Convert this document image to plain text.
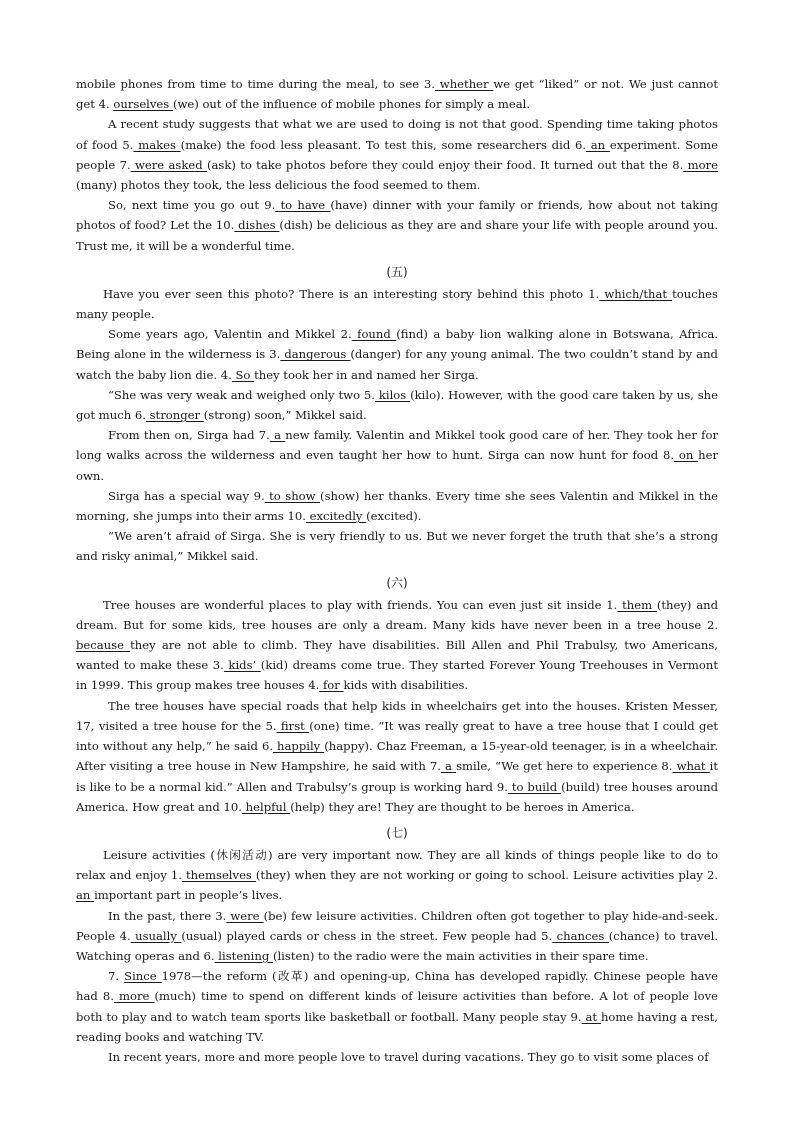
mobile phones from time to time during the meal, to see 3. whether we get “liked” or not. We just cannot get 4. ourselves (we) out of the influence of mobile phones for simply a meal.

A recent study suggests that what we are used to doing is not that good. Spending time taking photos of food 5. makes (make) the food less pleasant. To test this, some researchers did 6. an experiment. Some people 7. were asked (ask) to take photos before they could enjoy their food. It turned out that the 8. more (many) photos they took, the less delicious the food seemed to them.

So, next time you go out 9. to have (have) dinner with your family or friends, how about not taking photos of food? Let the 10. dishes (dish) be delicious as they are and share your life with people around you. Trust me, it will be a wonderful time.

(五)

Have you ever seen this photo? There is an interesting story behind this photo 1. which/that touches many people.

Some years ago, Valentin and Mikkel 2. found (find) a baby lion walking alone in Botswana, Africa. Being alone in the wilderness is 3. dangerous (danger) for any young animal. The two couldn’t stand by and watch the baby lion die. 4. So they took her in and named her Sirga.

“She was very weak and weighed only two 5. kilos (kilo). However, with the good care taken by us, she got much 6. stronger (strong) soon,” Mikkel said.

From then on, Sirga had 7. a new family. Valentin and Mikkel took good care of her. They took her for long walks across the wilderness and even taught her how to hunt. Sirga can now hunt for food 8. on her own.

Sirga has a special way 9. to show (show) her thanks. Every time she sees Valentin and Mikkel in the morning, she jumps into their arms 10. excitedly (excited).

“We aren’t afraid of Sirga. She is very friendly to us. But we never forget the truth that she’s a strong and risky animal,” Mikkel said.

(六)

Tree houses are wonderful places to play with friends. You can even just sit inside 1. them (they) and dream. But for some kids, tree houses are only a dream. Many kids have never been in a tree house 2. because they are not able to climb. They have disabilities. Bill Allen and Phil Trabulsy, two Americans, wanted to make these 3. kids’ (kid) dreams come true. They started Forever Young Treehouses in Vermont in 1999. This group makes tree houses 4. for kids with disabilities.

The tree houses have special roads that help kids in wheelchairs get into the houses. Kristen Messer, 17, visited a tree house for the 5. first (one) time. “It was really great to have a tree house that I could get into without any help,” he said 6. happily (happy). Chaz Freeman, a 15-year-old teenager, is in a wheelchair. After visiting a tree house in New Hampshire, he said with 7. a smile, “We get here to experience 8. what it is like to be a normal kid.” Allen and Trabulsy’s group is working hard 9. to build (build) tree houses around America. How great and 10. helpful (help) they are! They are thought to be heroes in America.

(七)

Leisure activities (休闲活动) are very important now. They are all kinds of things people like to do to relax and enjoy 1. themselves (they) when they are not working or going to school. Leisure activities play 2. an important part in people’s lives.

In the past, there 3. were (be) few leisure activities. Children often got together to play hide-and-seek. People 4. usually (usual) played cards or chess in the street. Few people had 5. chances (chance) to travel. Watching operas and 6. listening (listen) to the radio were the main activities in their spare time.

7. Since 1978—the reform (改革) and opening-up, China has developed rapidly. Chinese people have had 8. more (much) time to spend on different kinds of leisure activities than before. A lot of people love both to play and to watch team sports like basketball or football. Many people stay 9. at home having a rest, reading books and watching TV.

In recent years, more and more people love to travel during vacations. They go to visit some places of
